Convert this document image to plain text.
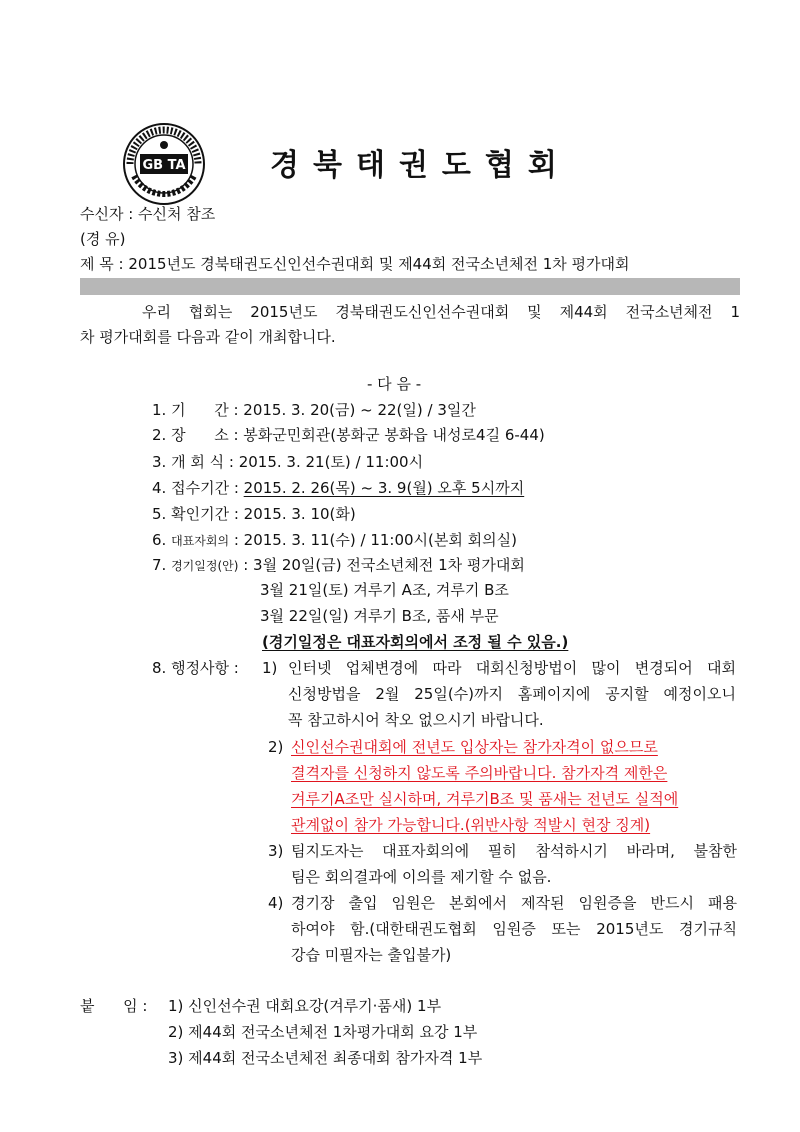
GB TA	경북태권도협회
수신자 : 수신처 참조
(경 유)
제 목 : 2015년도 경북태권도신인선수권대회 및 제44회 전국소년체전 1차 평가대회
우리 협회는 2015년도 경북태권도신인선수권대회 및 제44회 전국소년체전 1
차 평가대회를 다음과 같이 개최합니다.
- 다 음 -
1. 기      간 : 2015. 3. 20(금) ~ 22(일) / 3일간
2. 장      소 : 봉화군민회관(봉화군 봉화읍 내성로4길 6-44)
3. 개 회 식 : 2015. 3. 21(토) / 11:00시
4. 접수기간 : 2015. 2. 26(목) ~ 3. 9(월) 오후 5시까지
5. 확인기간 : 2015. 3. 10(화)
6. 대표자회의 : 2015. 3. 11(수) / 11:00시(본회 회의실)
7. 경기일정(안) : 3월 20일(금) 전국소년체전 1차 평가대회
3월 21일(토) 겨루기 A조, 겨루기 B조
3월 22일(일) 겨루기 B조, 품새 부문
(경기일정은 대표자회의에서 조정 될 수 있음.)
8. 행정사항 : 1) 인터넷 업체변경에 따라 대회신청방법이 많이 변경되어 대회
신청방법을 2월 25일(수)까지 홈페이지에 공지할 예정이오니
꼭 참고하시어 착오 없으시기 바랍니다.
2) 신인선수권대회에 전년도 입상자는 참가자격이 없으므로
결격자를 신청하지 않도록 주의바랍니다. 참가자격 제한은
겨루기A조만 실시하며, 겨루기B조 및 품새는 전년도 실적에
관계없이 참가 가능합니다.(위반사항 적발시 현장 징계)
3) 팀지도자는 대표자회의에 필히 참석하시기 바라며, 불참한
팀은 회의결과에 이의를 제기할 수 없음.
4) 경기장 출입 임원은 본회에서 제작된 임원증을 반드시 패용
하여야 함.(대한태권도협회 임원증 또는 2015년도 경기규칙
강습 미필자는 출입불가)
붙      임 : 1) 신인선수권 대회요강(겨루기·품새) 1부
2) 제44회 전국소년체전 1차평가대회 요강 1부
3) 제44회 전국소년체전 최종대회 참가자격 1부
